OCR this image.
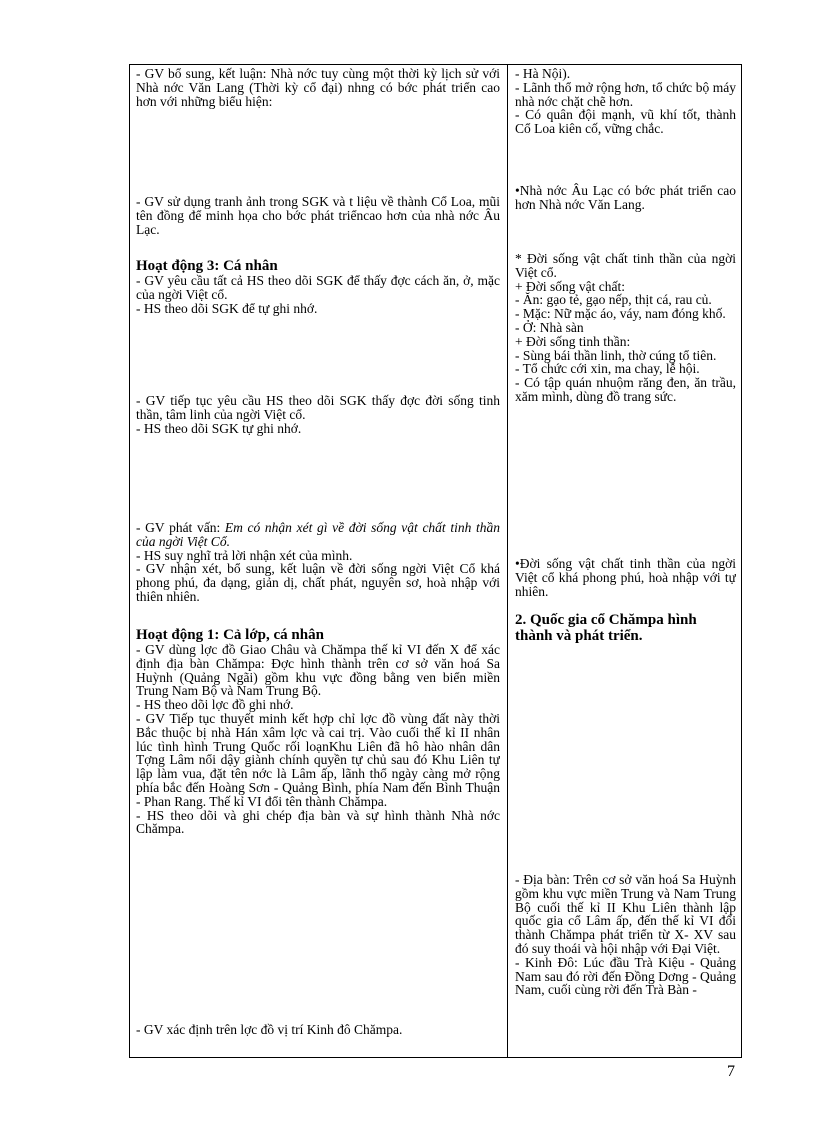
- GV bổ sung, kết luận: Nhà nớc tuy cùng một thời kỳ lịch sử với Nhà nớc Văn Lang (Thời kỳ cổ đại) nhng có bớc phát triển cao hơn với những biểu hiện:

- GV sử dụng tranh ảnh trong SGK và t liệu về thành Cổ Loa, mũi tên đồng để minh họa cho bớc phát triểncao hơn của nhà nớc Âu Lạc.

Hoạt động 3: Cá nhân

- GV yêu cầu tất cả HS theo dõi SGK để thấy đợc cách ăn, ở, mặc của ngời Việt cổ.

- HS theo dõi SGK để tự ghi nhớ.

- GV tiếp tục yêu cầu HS theo dõi SGK thấy đợc đời sống tinh thần, tâm linh của ngời Việt cổ.

- HS theo dõi SGK tự ghi nhớ.

- GV phát vấn: Em có nhận xét gì về đời sống vật chất tinh thần của ngời Việt Cổ.

- HS suy nghĩ trả lời nhận xét của mình.

- GV nhận xét, bổ sung, kết luận về đời sống ngời Việt Cổ khá phong phú, đa dạng, giản dị, chất phát, nguyên sơ, hoà nhập với thiên nhiên.

Hoạt động 1: Cả lớp, cá nhân

- GV dùng lợc đồ Giao Châu và Chămpa thế kỉ VI đến X để xác định địa bàn Chămpa: Đợc hình thành trên cơ sở văn hoá Sa Huỳnh (Quảng Ngãi) gồm khu vực đồng bằng ven biển miền Trung Nam Bộ và Nam Trung Bộ.

- HS theo dõi lợc đồ ghi nhớ.

- GV Tiếp tục thuyết minh kết hợp chỉ lợc đồ vùng đất này thời Bắc thuộc bị nhà Hán xâm lợc và cai trị. Vào cuối thế kỉ II nhân lúc tình hình Trung Quốc rối loạnKhu Liên đã hô hào nhân dân Tợng Lâm nổi dậy giành chính quyền tự chủ sau đó Khu Liên tự lập làm vua, đặt tên nớc là Lâm ấp, lãnh thổ ngày càng mở rộng phía bắc đến Hoàng Sơn - Quảng Bình, phía Nam đến Bình Thuận - Phan Rang. Thế kỉ VI đổi tên thành Chămpa.

- HS theo dõi và ghi chép địa bàn và sự hình thành Nhà nớc Chămpa.

- GV xác định trên lợc đồ vị trí Kinh đô Chămpa.

- Hà Nội).

- Lãnh thổ mở rộng hơn, tổ chức bộ máy nhà nớc chặt chẽ hơn.

- Có quân đội mạnh, vũ khí tốt, thành Cổ Loa kiên cố, vững chắc.

•Nhà nớc Âu Lạc có bớc phát triển cao hơn Nhà nớc Văn Lang.

* Đời sống vật chất tinh thần của ngời Việt cổ.

+ Đời sống vật chất:

- Ăn: gạo tẻ, gạo nếp, thịt cá, rau củ.

- Mặc: Nữ mặc áo, váy, nam đóng khố.

- Ở: Nhà sàn

+ Đời sống tinh thần:

- Sùng bái thần linh, thờ cúng tổ tiên.

- Tổ chức cới xin, ma chay, lễ hội.

- Có tập quán nhuộm răng đen, ăn trầu, xăm mình, dùng đồ trang sức.

•Đời sống vật chất tinh thần của ngời Việt cổ khá phong phú, hoà nhập với tự nhiên.

2. Quốc gia cổ Chămpa hình thành và phát triển.

- Địa bàn: Trên cơ sở văn hoá Sa Huỳnh gồm khu vực miền Trung và Nam Trung Bộ cuối thế kỉ II Khu Liên thành lập quốc gia cổ Lâm ấp, đến thế kỉ VI đổi thành Chămpa phát triển từ X- XV sau đó suy thoái và hội nhập với Đại Việt.

- Kinh Đô: Lúc đầu Trà Kiệu - Quảng Nam sau đó rời đến Đồng Dơng - Quảng Nam, cuối cùng rời đến Trà Bàn -

7
